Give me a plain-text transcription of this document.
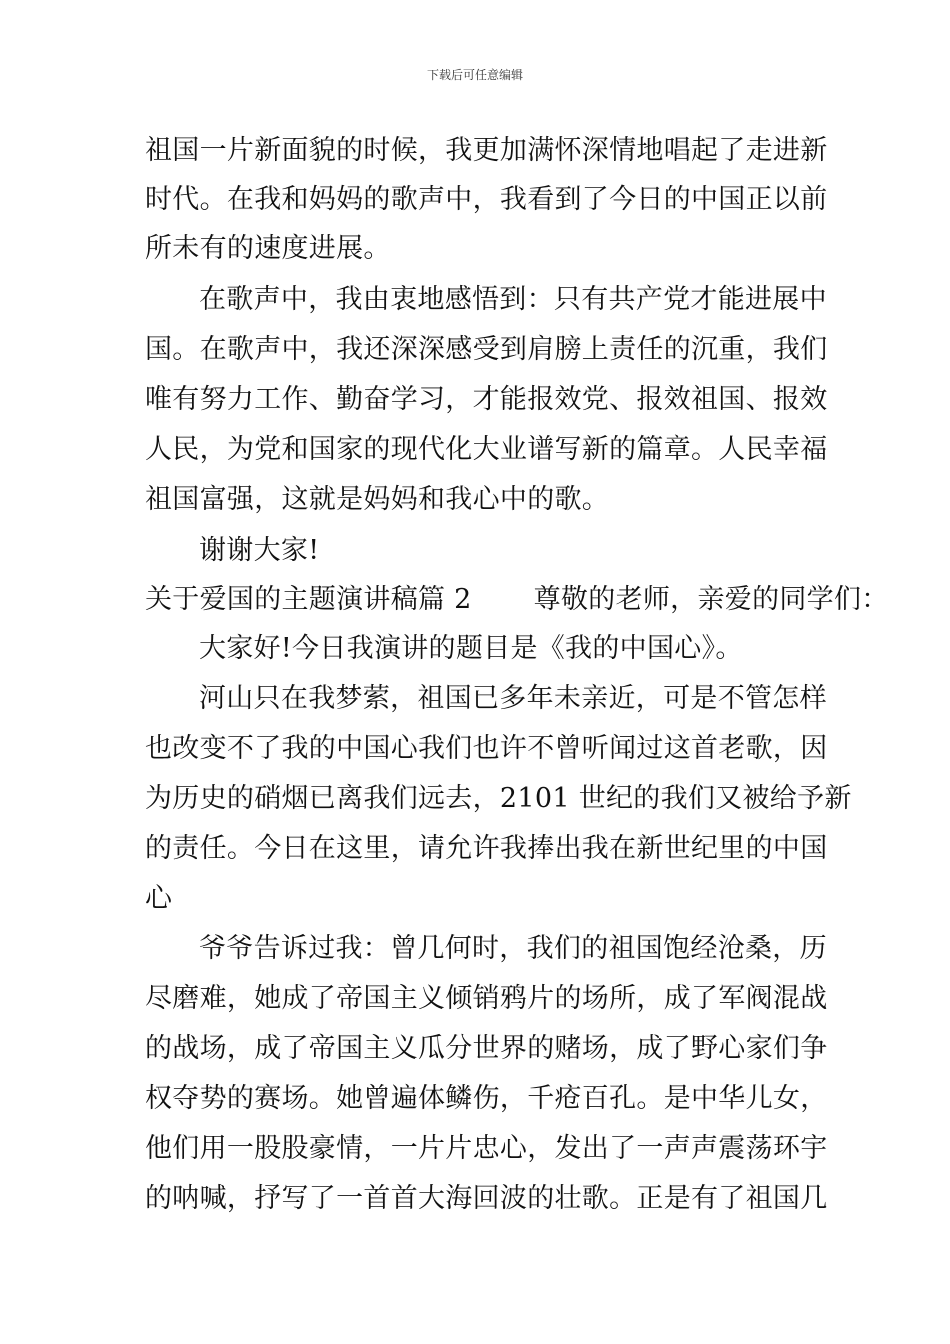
下载后可任意编辑
祖国一片新面貌的时候，我更加满怀深情地唱起了走进新
时代。在我和妈妈的歌声中，我看到了今日的中国正以前
所未有的速度进展。
在歌声中，我由衷地感悟到：只有共产党才能进展中
国。在歌声中，我还深深感受到肩膀上责任的沉重，我们
唯有努力工作、勤奋学习，才能报效党、报效祖国、报效
人民，为党和国家的现代化大业谱写新的篇章。人民幸福
祖国富强，这就是妈妈和我心中的歌。
谢谢大家!
关于爱国的主题演讲稿篇 2 尊敬的老师，亲爱的同学们：
大家好!今日我演讲的题目是《我的中国心》。
河山只在我梦萦，祖国已多年未亲近，可是不管怎样
也改变不了我的中国心我们也许不曾听闻过这首老歌，因
为历史的硝烟已离我们远去，2101 世纪的我们又被给予新
的责任。今日在这里，请允许我捧出我在新世纪里的中国
心
爷爷告诉过我：曾几何时，我们的祖国饱经沧桑，历
尽磨难，她成了帝国主义倾销鸦片的场所，成了军阀混战
的战场，成了帝国主义瓜分世界的赌场，成了野心家们争
权夺势的赛场。她曾遍体鳞伤，千疮百孔。是中华儿女，
他们用一股股豪情，一片片忠心，发出了一声声震荡环宇
的呐喊，抒写了一首首大海回波的壮歌。正是有了祖国几
